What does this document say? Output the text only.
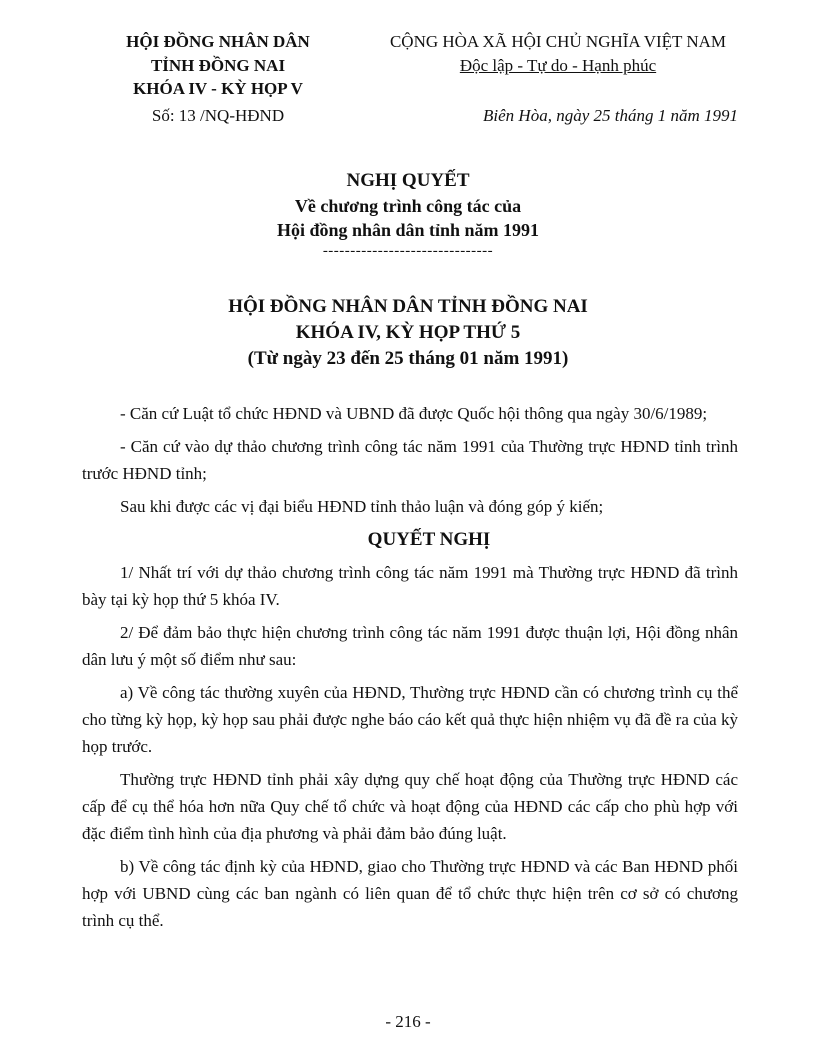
HỘI ĐỒNG NHÂN DÂN
TỈNH ĐỒNG NAI
KHÓA IV - KỲ HỌP V
Số: 13 /NQ-HĐND
CỘNG HÒA XÃ HỘI CHỦ NGHĨA VIỆT NAM
Độc lập - Tự do - Hạnh phúc
Biên Hòa, ngày 25 tháng 1 năm 1991
NGHỊ QUYẾT
Về chương trình công tác của
Hội đồng nhân dân tỉnh năm 1991
-------------------------------
HỘI ĐỒNG NHÂN DÂN TỈNH ĐỒNG NAI
KHÓA IV, KỲ HỌP THỨ 5
(Từ ngày 23 đến 25 tháng 01 năm 1991)

- Căn cứ Luật tổ chức HĐND và UBND đã được Quốc hội thông qua ngày 30/6/1989;

- Căn cứ vào dự thảo chương trình công tác năm 1991 của Thường trực HĐND tỉnh trình trước HĐND tỉnh;

Sau khi được các vị đại biểu HĐND tỉnh thảo luận và đóng góp ý kiến;

QUYẾT NGHỊ

1/ Nhất trí với dự thảo chương trình công tác năm 1991 mà Thường trực HĐND đã trình bày tại kỳ họp thứ 5 khóa IV.

2/ Để đảm bảo thực hiện chương trình công tác năm 1991 được thuận lợi, Hội đồng nhân dân lưu ý một số điểm như sau:

a) Về công tác thường xuyên của HĐND, Thường trực HĐND cần có chương trình cụ thể cho từng kỳ họp, kỳ họp sau phải được nghe báo cáo kết quả thực hiện nhiệm vụ đã đề ra của kỳ họp trước.

Thường trực HĐND tỉnh phải xây dựng quy chế hoạt động của Thường trực HĐND các cấp để cụ thể hóa hơn nữa Quy chế tổ chức và hoạt động của HĐND các cấp cho phù hợp với đặc điểm tình hình của địa phương và phải đảm bảo đúng luật.

b) Về công tác định kỳ của HĐND, giao cho Thường trực HĐND và các Ban HĐND phối hợp với UBND cùng các ban ngành có liên quan để tổ chức thực hiện trên cơ sở có chương trình cụ thể.

- 216 -
